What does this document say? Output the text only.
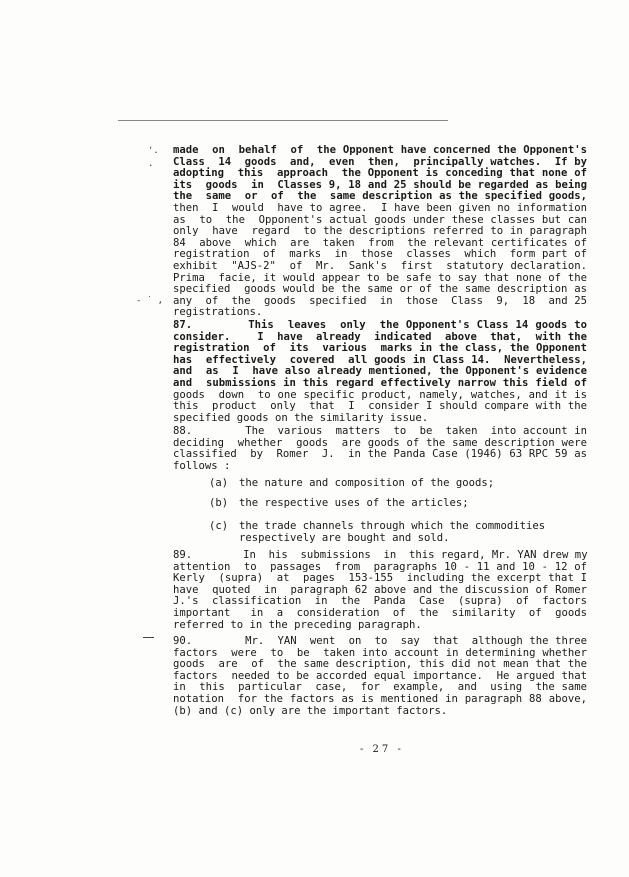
'.
.
‐ ˙ ,
made  on  behalf  of  the Opponent have concerned the Opponent's
Class  14  goods  and,  even  then,  principally watches.  If by
adopting  this  approach  the Opponent is conceding that none of
its  goods  in  Classes 9, 18 and 25 should be regarded as being
the  same  or  of  the  same description as the specified goods,
then  I  would  have to agree.  I have been given no information
as  to  the  Opponent's actual goods under these classes but can
only  have  regard  to the descriptions referred to in paragraph
84  above  which  are  taken  from  the relevant certificates of
registration  of  marks  in  those  classes  which  form part of
exhibit  "AJS-2"  of  Mr.  Sank's  first  statutory declaration.
Prima  facie, it would appear to be safe to say that none of the
specified  goods would be the same or of the same description as
any  of  the  goods  specified  in  those  Class  9,  18  and 25
registrations.
87.        This  leaves  only  the Opponent's Class 14 goods to
consider.    I  have  already  indicated  above  that,  with the
registration  of  its  various  marks in the class, the Opponent
has  effectively  covered  all goods in Class 14.  Nevertheless,
and  as  I  have also already mentioned, the Opponent's evidence
and  submissions in this regard effectively narrow this field of
goods  down  to one specific product, namely, watches, and it is
this  product  only  that  I  consider I should compare with the
specified goods on the similarity issue.
88.        The  various  matters  to  be  taken  into account in
deciding  whether  goods  are goods of the same description were
classified  by  Romer  J.  in the Panda Case (1946) 63 RPC 59 as
follows :
(a) the nature and composition of the goods;
(b) the respective uses of the articles;
(c) the trade channels through which the commodities
respectively are bought and sold.
89.        In  his  submissions  in  this regard, Mr. YAN drew my
attention  to  passages  from  paragraphs 10 - 11 and 10 - 12 of
Kerly  (supra)  at  pages  153-155  including the excerpt that I
have  quoted  in  paragraph 62 above and the discussion of Romer
J.'s  classification  in  the  Panda  Case  (supra)  of  factors
important   in  a  consideration  of  the  similarity  of  goods
referred to in the preceding paragraph.
90.        Mr.  YAN  went  on  to  say  that  although the three
factors  were  to  be  taken into account in determining whether
goods  are  of  the same description, this did not mean that the
factors  needed to be accorded equal importance.  He argued that
in  this  particular  case,  for  example,  and  using  the same
notation  for the factors as is mentioned in paragraph 88 above,
(b) and (c) only are the important factors.
- 27 -
